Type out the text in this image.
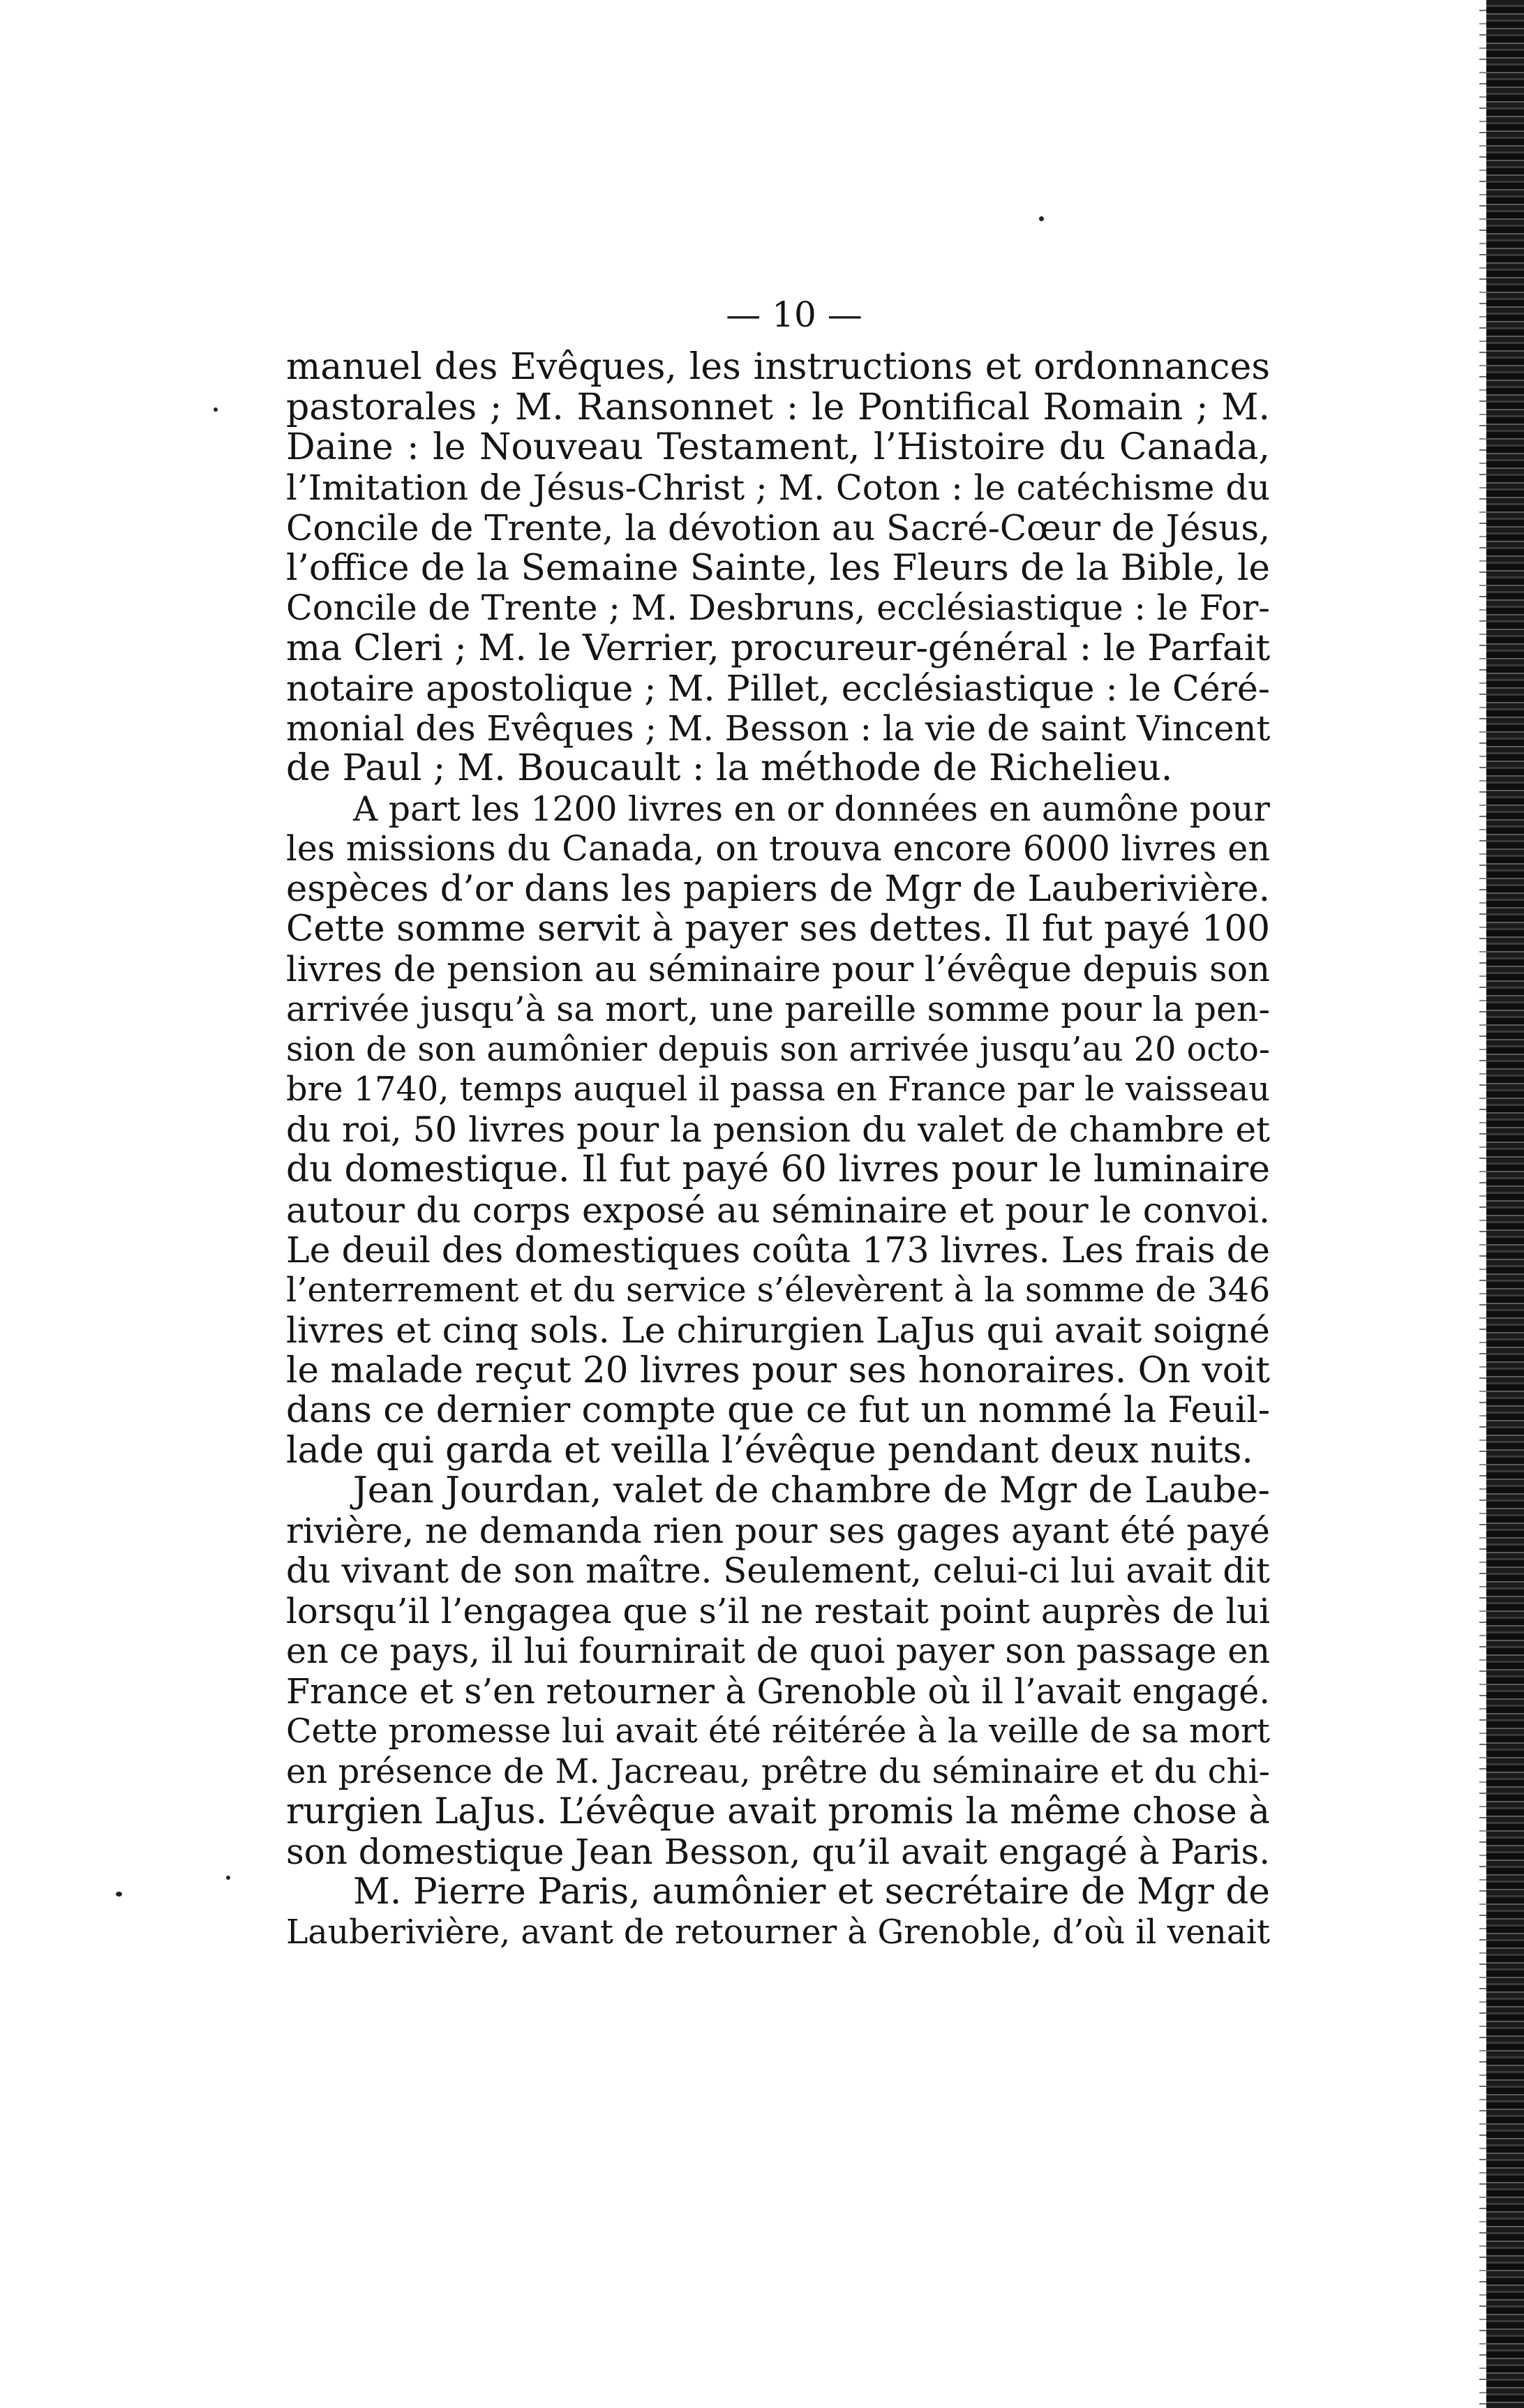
— 10 —
manuel des Evêques, les instructions et ordonnances
pastorales ; M. Ransonnet : le Pontifical Romain ; M.
Daine : le Nouveau Testament, l’Histoire du Canada,
l’Imitation de Jésus-Christ ; M. Coton : le catéchisme du
Concile de Trente, la dévotion au Sacré-Cœur de Jésus,
l’office de la Semaine Sainte, les Fleurs de la Bible, le
Concile de Trente ; M. Desbruns, ecclésiastique : le For-
ma Cleri ; M. le Verrier, procureur-général : le Parfait
notaire apostolique ; M. Pillet, ecclésiastique : le Céré-
monial des Evêques ; M. Besson : la vie de saint Vincent
de Paul ; M. Boucault : la méthode de Richelieu.
A part les 1200 livres en or données en aumône pour
les missions du Canada, on trouva encore 6000 livres en
espèces d’or dans les papiers de Mgr de Lauberivière.
Cette somme servit à payer ses dettes. Il fut payé 100
livres de pension au séminaire pour l’évêque depuis son
arrivée jusqu’à sa mort, une pareille somme pour la pen-
sion de son aumônier depuis son arrivée jusqu’au 20 octo-
bre 1740, temps auquel il passa en France par le vaisseau
du roi, 50 livres pour la pension du valet de chambre et
du domestique. Il fut payé 60 livres pour le luminaire
autour du corps exposé au séminaire et pour le convoi.
Le deuil des domestiques coûta 173 livres. Les frais de
l’enterrement et du service s’élevèrent à la somme de 346
livres et cinq sols. Le chirurgien LaJus qui avait soigné
le malade reçut 20 livres pour ses honoraires. On voit
dans ce dernier compte que ce fut un nommé la Feuil-
lade qui garda et veilla l’évêque pendant deux nuits.
Jean Jourdan, valet de chambre de Mgr de Laube-
rivière, ne demanda rien pour ses gages ayant été payé
du vivant de son maître. Seulement, celui-ci lui avait dit
lorsqu’il l’engagea que s’il ne restait point auprès de lui
en ce pays, il lui fournirait de quoi payer son passage en
France et s’en retourner à Grenoble où il l’avait engagé.
Cette promesse lui avait été réitérée à la veille de sa mort
en présence de M. Jacreau, prêtre du séminaire et du chi-
rurgien LaJus. L’évêque avait promis la même chose à
son domestique Jean Besson, qu’il avait engagé à Paris.
M. Pierre Paris, aumônier et secrétaire de Mgr de
Lauberivière, avant de retourner à Grenoble, d’où il venait
